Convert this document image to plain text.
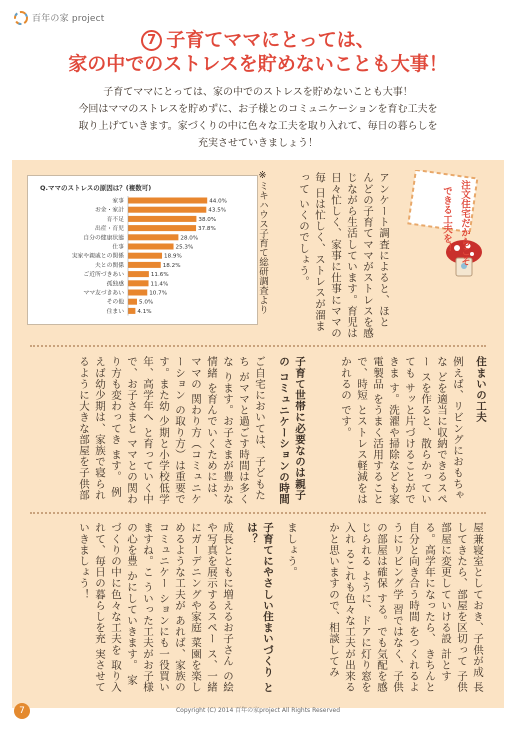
百年の家 project
7 子育てママにとっては、
家の中でのストレスを貯めないことも大事！
子育てママにとっては、家の中でのストレスを貯めないことも大事！
今回はママのストレスを貯めずに、お子様とのコミュニケーションを育む工夫を
取り上げていきます。家づくりの中に色々な工夫を取り入れて、毎日の暮らしを
充実させていきましょう！
Q.ママのストレスの原因は？(複数可)
家事	44.0%
お金・家計	43.5%
育不足	38.0%
出産・育児	37.8%
自分の健康状態	28.0%
仕事	25.3%
実家や親戚との関係	18.9%
夫との関係	18.2%
ご近所づきあい	11.6%
孤独感	11.4%
ママ友づきあい	10.7%
その他	5.0%
住まい 4.1%	※ミキハウス子育て総研調査より	アンケート調査によると、ほと んどの子育てママがストレスを感 じながら生活しています。育児は 日々忙しく、家事に仕事にママの毎 日は忙しく、ストレスが溜まって いくのでしょう。	注文住宅だからこそ
できる工夫を！
住まいの工夫
例えば、リビングにおもちゃな どを適当に収納できるスペー スを作ると、散らかっていても サッと片づけることができま す。洗濯や掃除なども家電製品 をうまく活用することで、時短 とストレス軽減をはかれるの です。
子育て世帯に必要なのは親子の コミュニケーションの時間
ご自宅においては、子どもたち がママと過ごす時間は多くな ります。お子さまが豊かな情緒 を育んでいくためには、ママの 関わり方（コミュニケーション の取り方）は重要です。また幼 少期と小学校低学年、高学年へ と育っていく中で、お子さまと ママとの関わり方も変わってき ます。 例えば幼少期は、家族で寝られ るように大きな部屋を子供部
屋兼寝室としておき、子供が成 長してきたら、部屋を区切って 子供部屋に変更していける設 計とする。高学年になったら、 きちんと自分と向き合う時間 をつくれるようにリビング学 習ではなく、子供の部屋は確保 する。でも気配を感じられる ように、ドアに灯り窓を入れ るこれも色々な工夫が出来る かと思いますので、相談してみ
ましょう。
子育てにやさしい住まいづくり とは？
成長とともに増えるお子さん の絵や写真を展示するスペー ス、一緒にガーデニングや家庭 菜園を楽しめるような工夫が あれば、家族のコミュニケー ションにも一役買いますね。こ ういった工夫がお子様の心を豊 かにしていきます。 家づくりの中に色々な工夫を 取り入れて、毎日の暮らしを充 実させていきましょう！
7	Copyright (C) 2014 百年の家project All Rights Reserved
